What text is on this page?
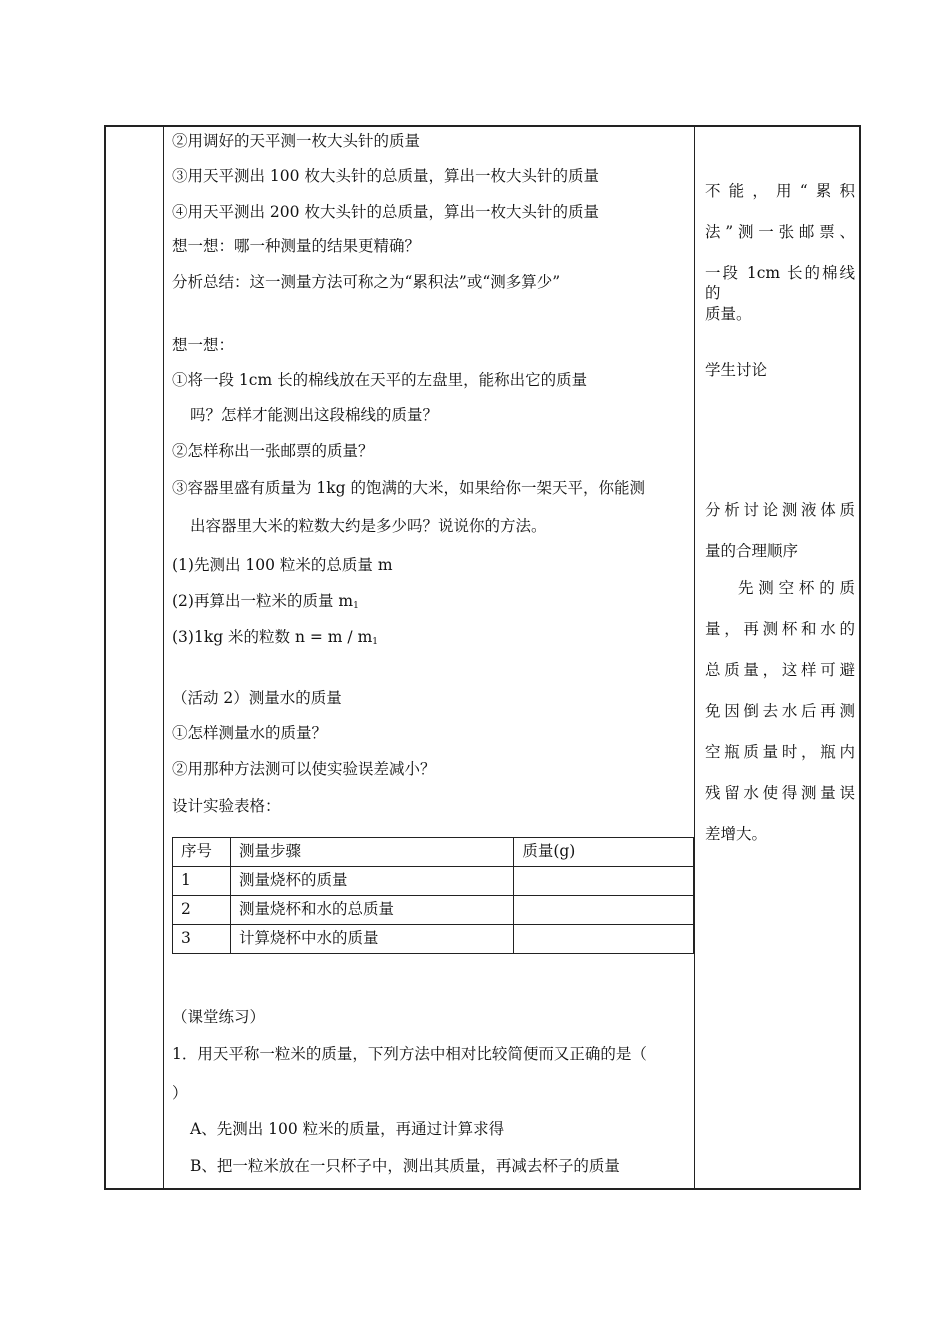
②用调好的天平测一枚大头针的质量
③用天平测出 100 枚大头针的总质量，算出一枚大头针的质量
④用天平测出 200 枚大头针的总质量，算出一枚大头针的质量
想一想：哪一种测量的结果更精确？
分析总结：这一测量方法可称之为“累积法”或“测多算少”
想一想：
①将一段 1cm 长的棉线放在天平的左盘里，能称出它的质量
吗？怎样才能测出这段棉线的质量？
②怎样称出一张邮票的质量？
③容器里盛有质量为 1kg 的饱满的大米，如果给你一架天平，你能测
出容器里大米的粒数大约是多少吗？说说你的方法。
(1)先测出 100 粒米的总质量 m
(2)再算出一粒米的质量 $m_1$
(3)1kg 米的粒数 $n = m / m_1$
（活动 2）测量水的质量
①怎样测量水的质量？
②用那种方法测可以使实验误差减小？
设计实验表格：
序号	测量步骤	质量(g)
1	测量烧杯的质量	
2	测量烧杯和水的总质量	
3	计算烧杯中水的质量	
（课堂练习）
1．用天平称一粒米的质量，下列方法中相对比较简便而又正确的是（
）
A、先测出 100 粒米的质量，再通过计算求得
B、把一粒米放在一只杯子中，测出其质量，再减去杯子的质量
不能，用“累积
法”测一张邮票、
一段 1cm 长的棉线的
质量。
学生讨论
分析讨论测液体质
量的合理顺序
先测空杯的质
量，再测杯和水的
总质量，这样可避
免因倒去水后再测
空瓶质量时，瓶内
残留水使得测量误
差增大。
